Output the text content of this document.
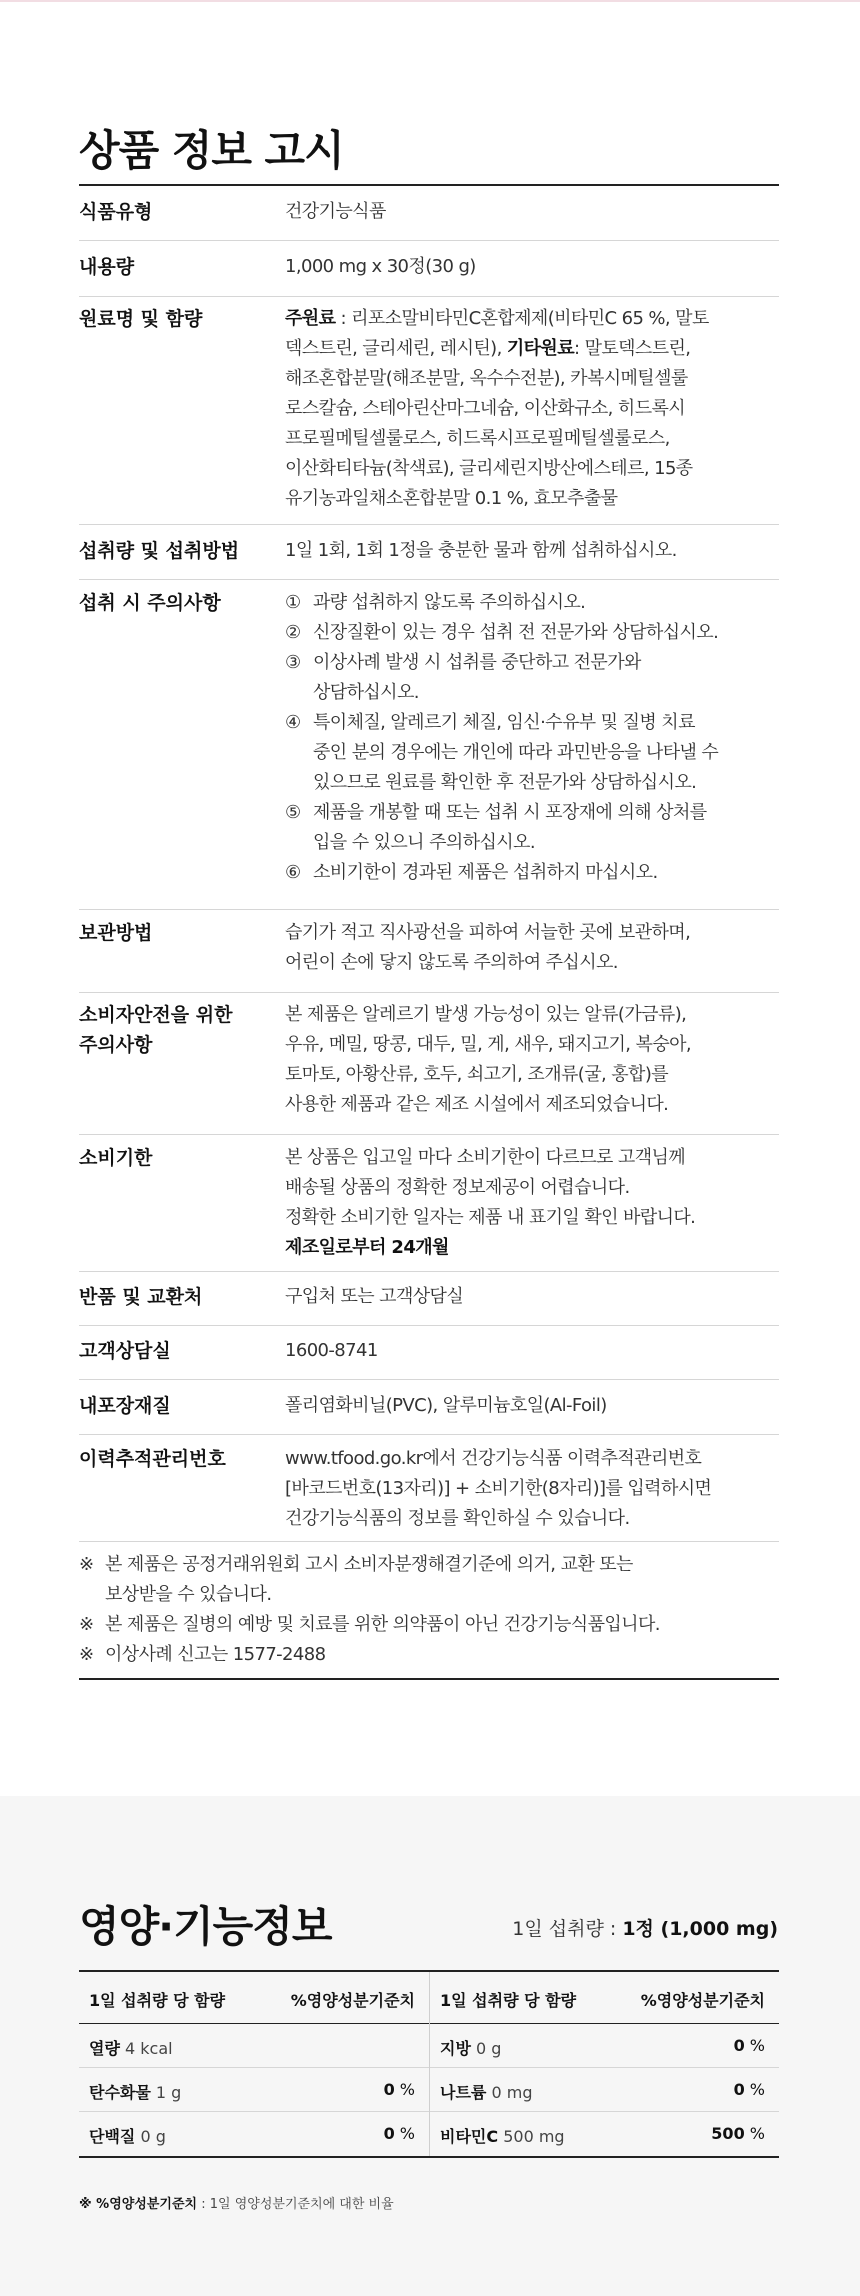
상품 정보 고시
식품유형	건강기능식품
내용량	1,000 mg x 30정(30 g)
원료명 및 함량	주원료 : 리포소말비타민C혼합제제(비타민C 65 %, 말토
덱스트린, 글리세린, 레시틴), 기타원료: 말토덱스트린,
해조혼합분말(해조분말, 옥수수전분), 카복시메틸셀룰
로스칼슘, 스테아린산마그네슘, 이산화규소, 히드록시
프로필메틸셀룰로스, 히드록시프로필메틸셀룰로스,
이산화티타늄(착색료), 글리세린지방산에스테르, 15종
유기농과일채소혼합분말 0.1 %, 효모추출물
섭취량 및 섭취방법	1일 1회, 1회 1정을 충분한 물과 함께 섭취하십시오.
섭취 시 주의사항	① 과량 섭취하지 않도록 주의하십시오.
② 신장질환이 있는 경우 섭취 전 전문가와 상담하십시오.
③ 이상사례 발생 시 섭취를 중단하고 전문가와
상담하십시오.
④ 특이체질, 알레르기 체질, 임신·수유부 및 질병 치료
중인 분의 경우에는 개인에 따라 과민반응을 나타낼 수
있으므로 원료를 확인한 후 전문가와 상담하십시오.
⑤ 제품을 개봉할 때 또는 섭취 시 포장재에 의해 상처를
입을 수 있으니 주의하십시오.
⑥ 소비기한이 경과된 제품은 섭취하지 마십시오.
보관방법	습기가 적고 직사광선을 피하여 서늘한 곳에 보관하며,
어린이 손에 닿지 않도록 주의하여 주십시오.
소비자안전을 위한
주의사항
본 제품은 알레르기 발생 가능성이 있는 알류(가금류),
우유, 메밀, 땅콩, 대두, 밀, 게, 새우, 돼지고기, 복숭아,
토마토, 아황산류, 호두, 쇠고기, 조개류(굴, 홍합)를
사용한 제품과 같은 제조 시설에서 제조되었습니다.
소비기한	본 상품은 입고일 마다 소비기한이 다르므로 고객님께
배송될 상품의 정확한 정보제공이 어렵습니다.
정확한 소비기한 일자는 제품 내 표기일 확인 바랍니다.
제조일로부터 24개월
반품 및 교환처	구입처 또는 고객상담실
고객상담실	1600-8741
내포장재질	폴리염화비닐(PVC), 알루미늄호일(Al-Foil)
이력추적관리번호	www.tfood.go.kr에서 건강기능식품 이력추적관리번호
[바코드번호(13자리)] + 소비기한(8자리)]를 입력하시면
건강기능식품의 정보를 확인하실 수 있습니다.
※ 본 제품은 공정거래위원회 고시 소비자분쟁해결기준에 의거, 교환 또는
보상받을 수 있습니다.
※ 본 제품은 질병의 예방 및 치료를 위한 의약품이 아닌 건강기능식품입니다.
※ 이상사례 신고는 1577-2488
영양·기능정보	1일 섭취량 : 1정 (1,000 mg)
1일 섭취량 당 함량	%영양성분기준치
열량 4 kcal
탄수화물 1 g	0 %
단백질 0 g	0 %
1일 섭취량 당 함량	%영양성분기준치
지방 0 g	0 %
나트륨 0 mg	0 %
비타민C 500 mg	500 %
※ %영양성분기준치 : 1일 영양성분기준치에 대한 비율
